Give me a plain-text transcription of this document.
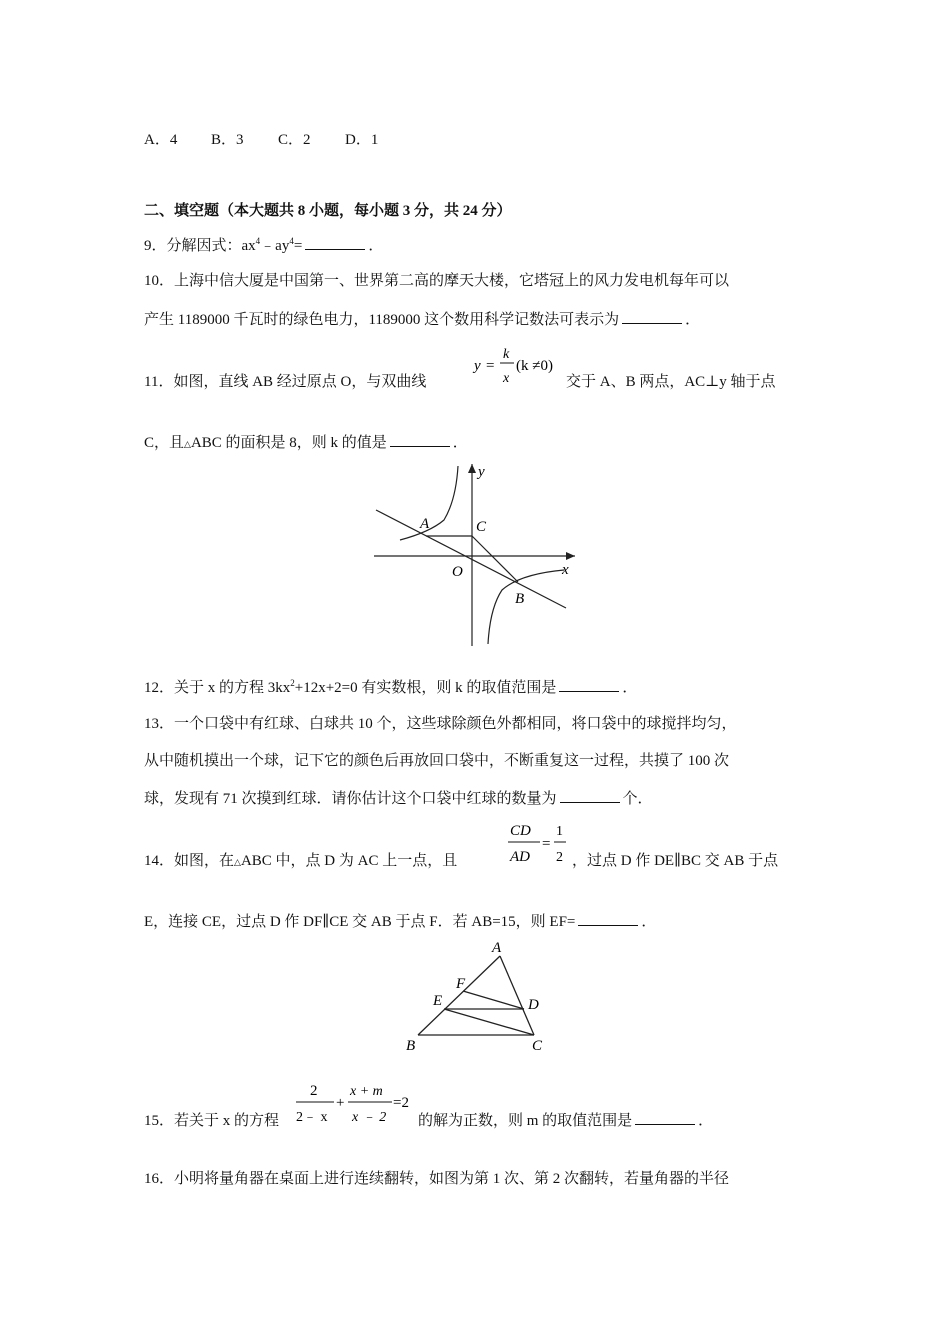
A．4 B．3 C．2 D．1
二、填空题（本大题共 8 小题，每小题 3 分，共 24 分）
9．分解因式：$ax^4﹣ay^4=$	．
10．上海中信大厦是中国第一、世界第二高的摩天大楼，它塔冠上的风力发电机每年可以
产生 1189000 千瓦时的绿色电力，1189000 这个数用科学记数法可表示为	．
11．如图，直线 AB 经过原点 O，与双曲线
y =
k
x
(k ≠0)
交于 A、B 两点，AC⊥y 轴于点
C，且△ABC 的面积是 8，则 k 的值是	．
y
x
O
A
B
C
12．关于 x 的方程 $3kx^2+12x+2=0$ 有实数根，则 k 的取值范围是	．
13．一个口袋中有红球、白球共 10 个，这些球除颜色外都相同，将口袋中的球搅拌均匀，
从中随机摸出一个球，记下它的颜色后再放回口袋中，不断重复这一过程，共摸了 100 次
球，发现有 71 次摸到红球．请你估计这个口袋中红球的数量为	个．
14．如图，在△ABC 中，点 D 为 AC 上一点，且
CD
AD
=
1
2 ，过点 D 作 DE∥BC 交 AB 于点
E，连接 CE，过点 D 作 DF∥CE 交 AB 于点 F．若 AB=15，则 EF=	．
A
B	C
D
E
F
15．若关于 x 的方程
2
2﹣ x
+
x + m
x ﹣ 2
=2
的解为正数，则 m 的取值范围是	．
16．小明将量角器在桌面上进行连续翻转，如图为第 1 次、第 2 次翻转，若量角器的半径
